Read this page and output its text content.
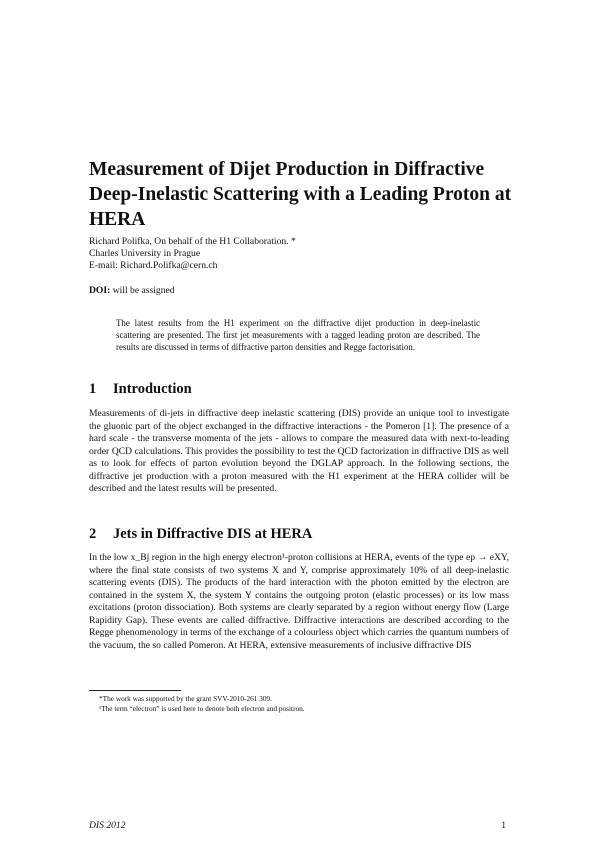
Measurement of Dijet Production in Diffractive Deep-Inelastic Scattering with a Leading Proton at HERA
Richard Polifka, On behalf of the H1 Collaboration. *
Charles University in Prague
E-mail: Richard.Polifka@cern.ch
DOI: will be assigned

The latest results from the H1 experiment on the diffractive dijet production in deep-inelastic scattering are presented. The first jet measurements with a tagged leading proton are described. The results are discussed in terms of diffractive parton densities and Regge factorisation.

1 Introduction

Measurements of di-jets in diffractive deep inelastic scattering (DIS) provide an unique tool to investigate the gluonic part of the object exchanged in the diffractive interactions - the Pomeron [1]. The presence of a hard scale - the transverse momenta of the jets - allows to compare the measured data with next-to-leading order QCD calculations. This provides the possibility to test the QCD factorization in diffractive DIS as well as to look for effects of parton evolution beyond the DGLAP approach. In the following sections, the diffractive jet production with a proton measured with the H1 experiment at the HERA collider will be described and the latest results will be presented.

2 Jets in Diffractive DIS at HERA

In the low x_Bj region in the high energy electron¹-proton collisions at HERA, events of the type ep → eXY, where the final state consists of two systems X and Y, comprise approximately 10% of all deep-inelastic scattering events (DIS). The products of the hard interaction with the photon emitted by the electron are contained in the system X, the system Y contains the outgoing proton (elastic processes) or its low mass excitations (proton dissociation). Both systems are clearly separated by a region without energy flow (Large Rapidity Gap). These events are called diffractive. Diffractive interactions are described according to the Regge phenomenology in terms of the exchange of a colourless object which carries the quantum numbers of the vacuum, the so called Pomeron. At HERA, extensive measurements of inclusive diffractive DIS

*The work was supported by the grant SVV-2010-261 309.
¹The term “electron” is used here to denote both electron and positron.
DIS 2012	1
